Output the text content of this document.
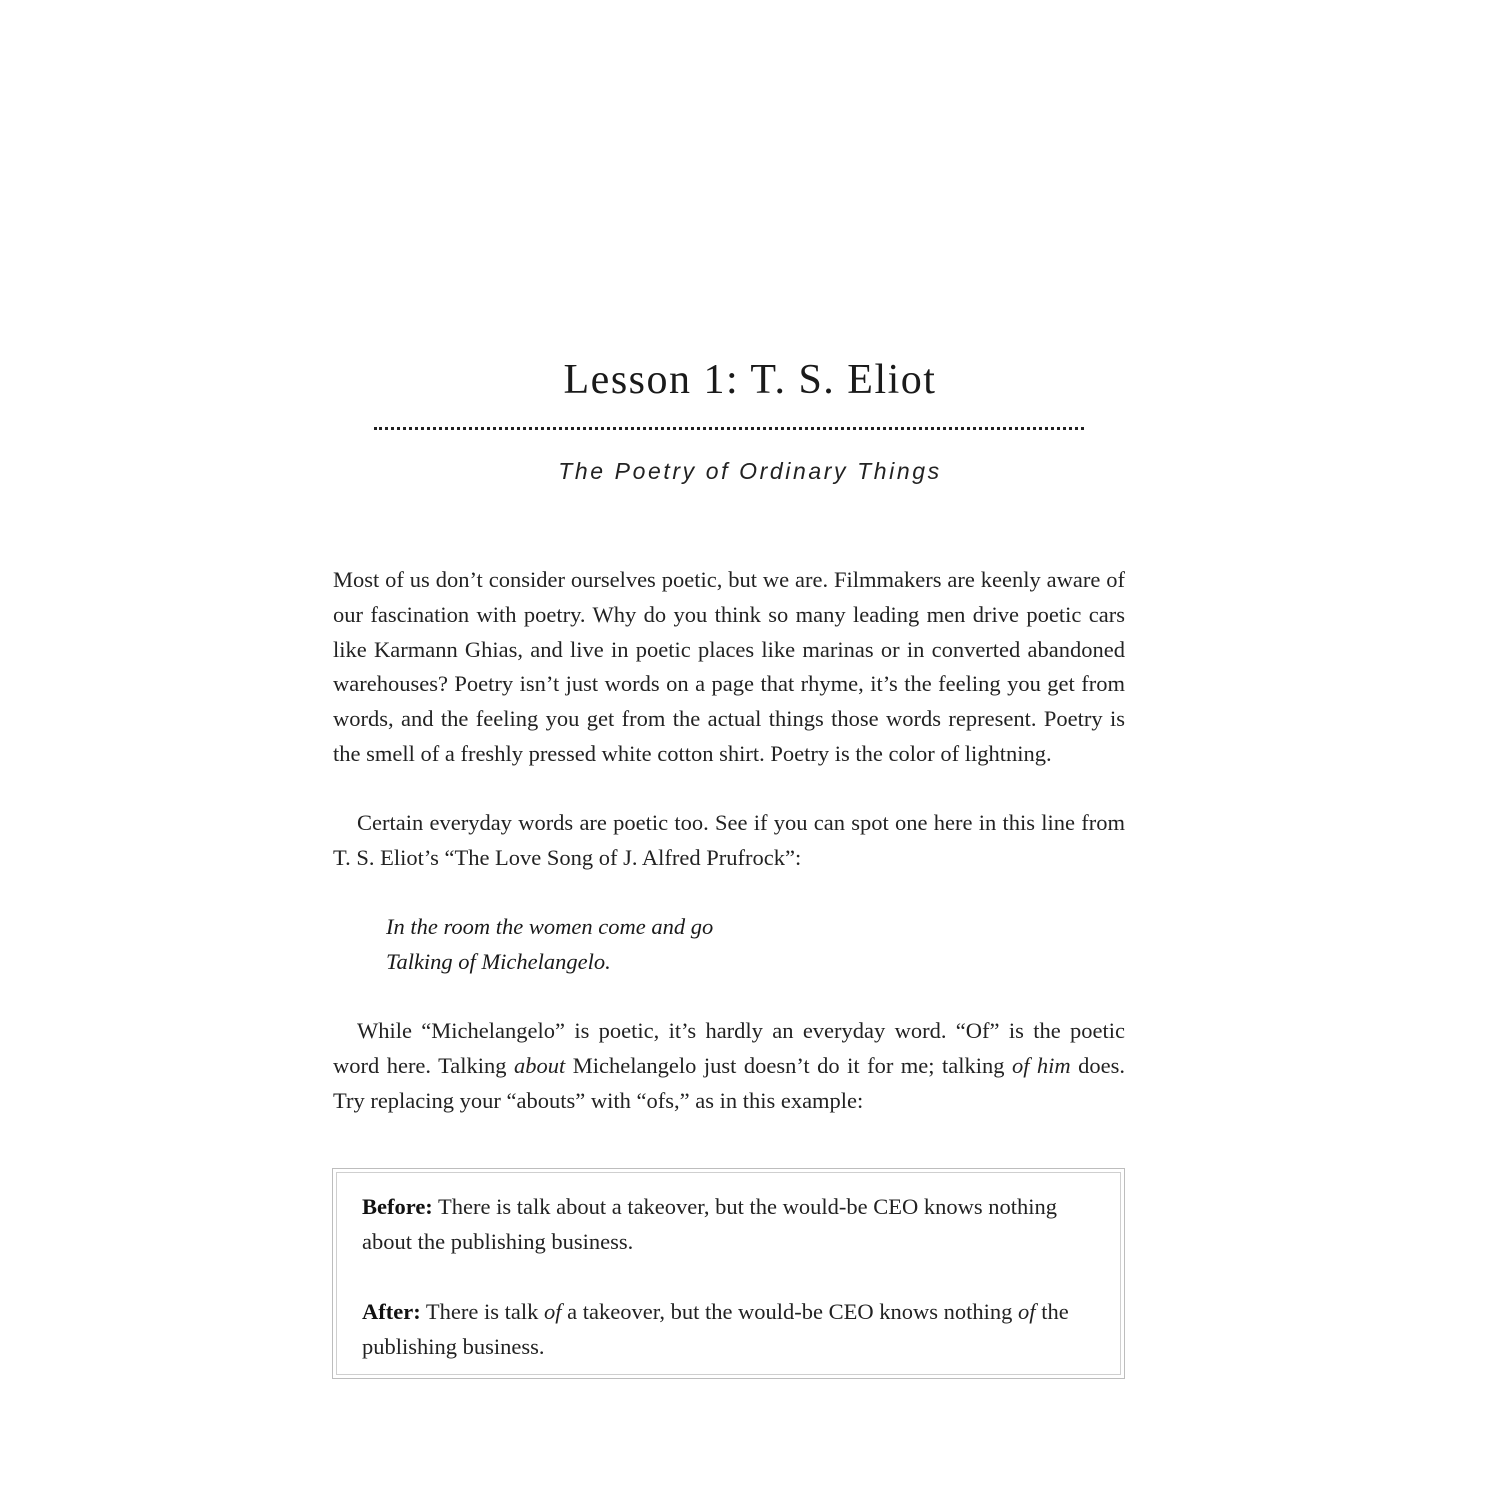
Lesson 1: T. S. Eliot
The Poetry of Ordinary Things

Most of us don’t consider ourselves poetic, but we are. Filmmakers are keenly aware of our fascination with poetry. Why do you think so many leading men drive poetic cars like Karmann Ghias, and live in poetic places like marinas or in converted abandoned warehouses? Poetry isn’t just words on a page that rhyme, it’s the feeling you get from words, and the feeling you get from the actual things those words represent. Poetry is the smell of a freshly pressed white cotton shirt. Poetry is the color of lightning.

Certain everyday words are poetic too. See if you can spot one here in this line from T. S. Eliot’s “The Love Song of J. Alfred Prufrock”:

In the room the women come and go
Talking of Michelangelo.

While “Michelangelo” is poetic, it’s hardly an everyday word. “Of” is the poetic word here. Talking about Michelangelo just doesn’t do it for me; talking of him does. Try replacing your “abouts” with “ofs,” as in this example:

Before: There is talk about a takeover, but the would-be CEO knows nothing about the publishing business.
After: There is talk of a takeover, but the would-be CEO knows nothing of the publishing business.
